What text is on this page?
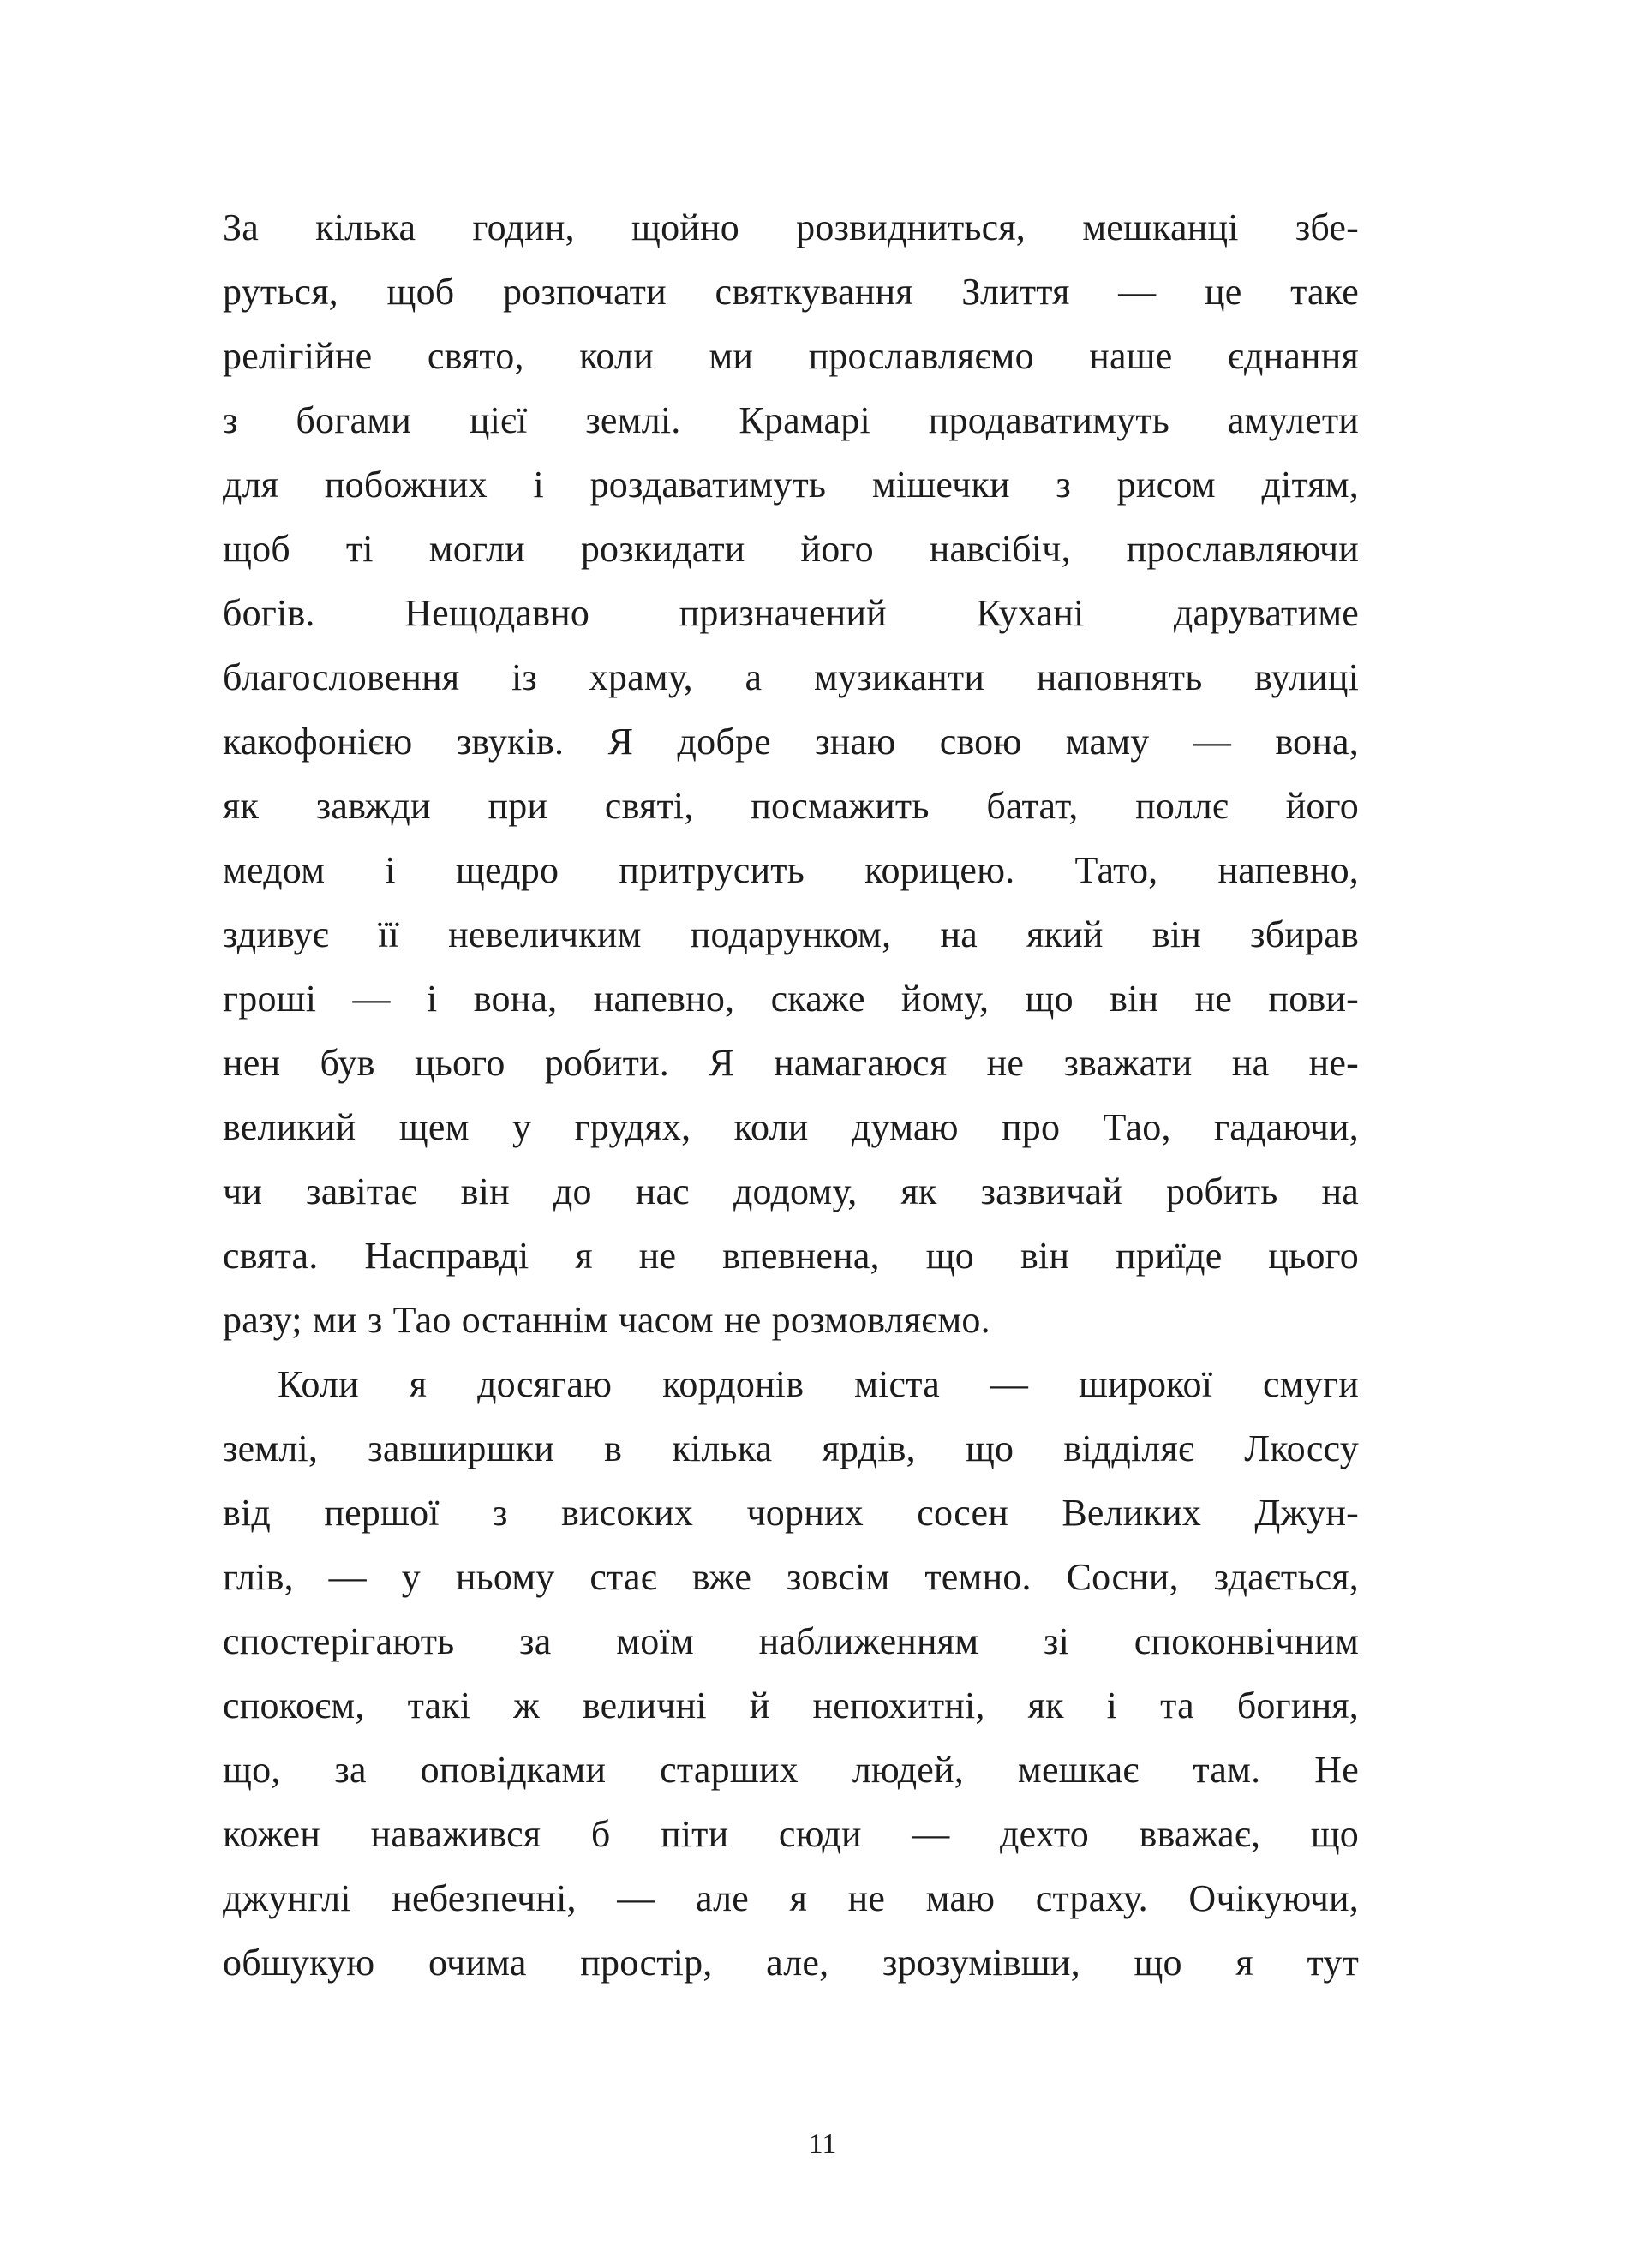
За кілька годин, щойно розвидниться, мешканці збе-
руться, щоб розпочати святкування Злиття — це таке
релігійне свято, коли ми прославляємо наше єднання
з богами цієї землі. Крамарі продаватимуть амулети
для побожних і роздаватимуть мішечки з рисом дітям,
щоб ті могли розкидати його навсібіч, прославляючи
богів. Нещодавно призначений Кухані даруватиме
благословення із храму, а музиканти наповнять вулиці
какофонією звуків. Я добре знаю свою маму — вона,
як завжди при святі, посмажить батат, поллє його
медом і щедро притрусить корицею. Тато, напевно,
здивує її невеличким подарунком, на який він збирав
гроші — і вона, напевно, скаже йому, що він не пови-
нен був цього робити. Я намагаюся не зважати на не-
великий щем у грудях, коли думаю про Тао, гадаючи,
чи завітає він до нас додому, як зазвичай робить на
свята. Насправді я не впевнена, що він приїде цього
разу; ми з Тао останнім часом не розмовляємо.
Коли я досягаю кордонів міста — широкої смуги
землі, завширшки в кілька ярдів, що відділяє Лкоссу
від першої з високих чорних сосен Великих Джун-
глів, — у ньому стає вже зовсім темно. Сосни, здається,
спостерігають за моїм наближенням зі споконвічним
спокоєм, такі ж величні й непохитні, як і та богиня,
що, за оповідками старших людей, мешкає там. Не
кожен наважився б піти сюди — дехто вважає, що
джунглі небезпечні, — але я не маю страху. Очікуючи,
обшукую очима простір, але, зрозумівши, що я тут
11
